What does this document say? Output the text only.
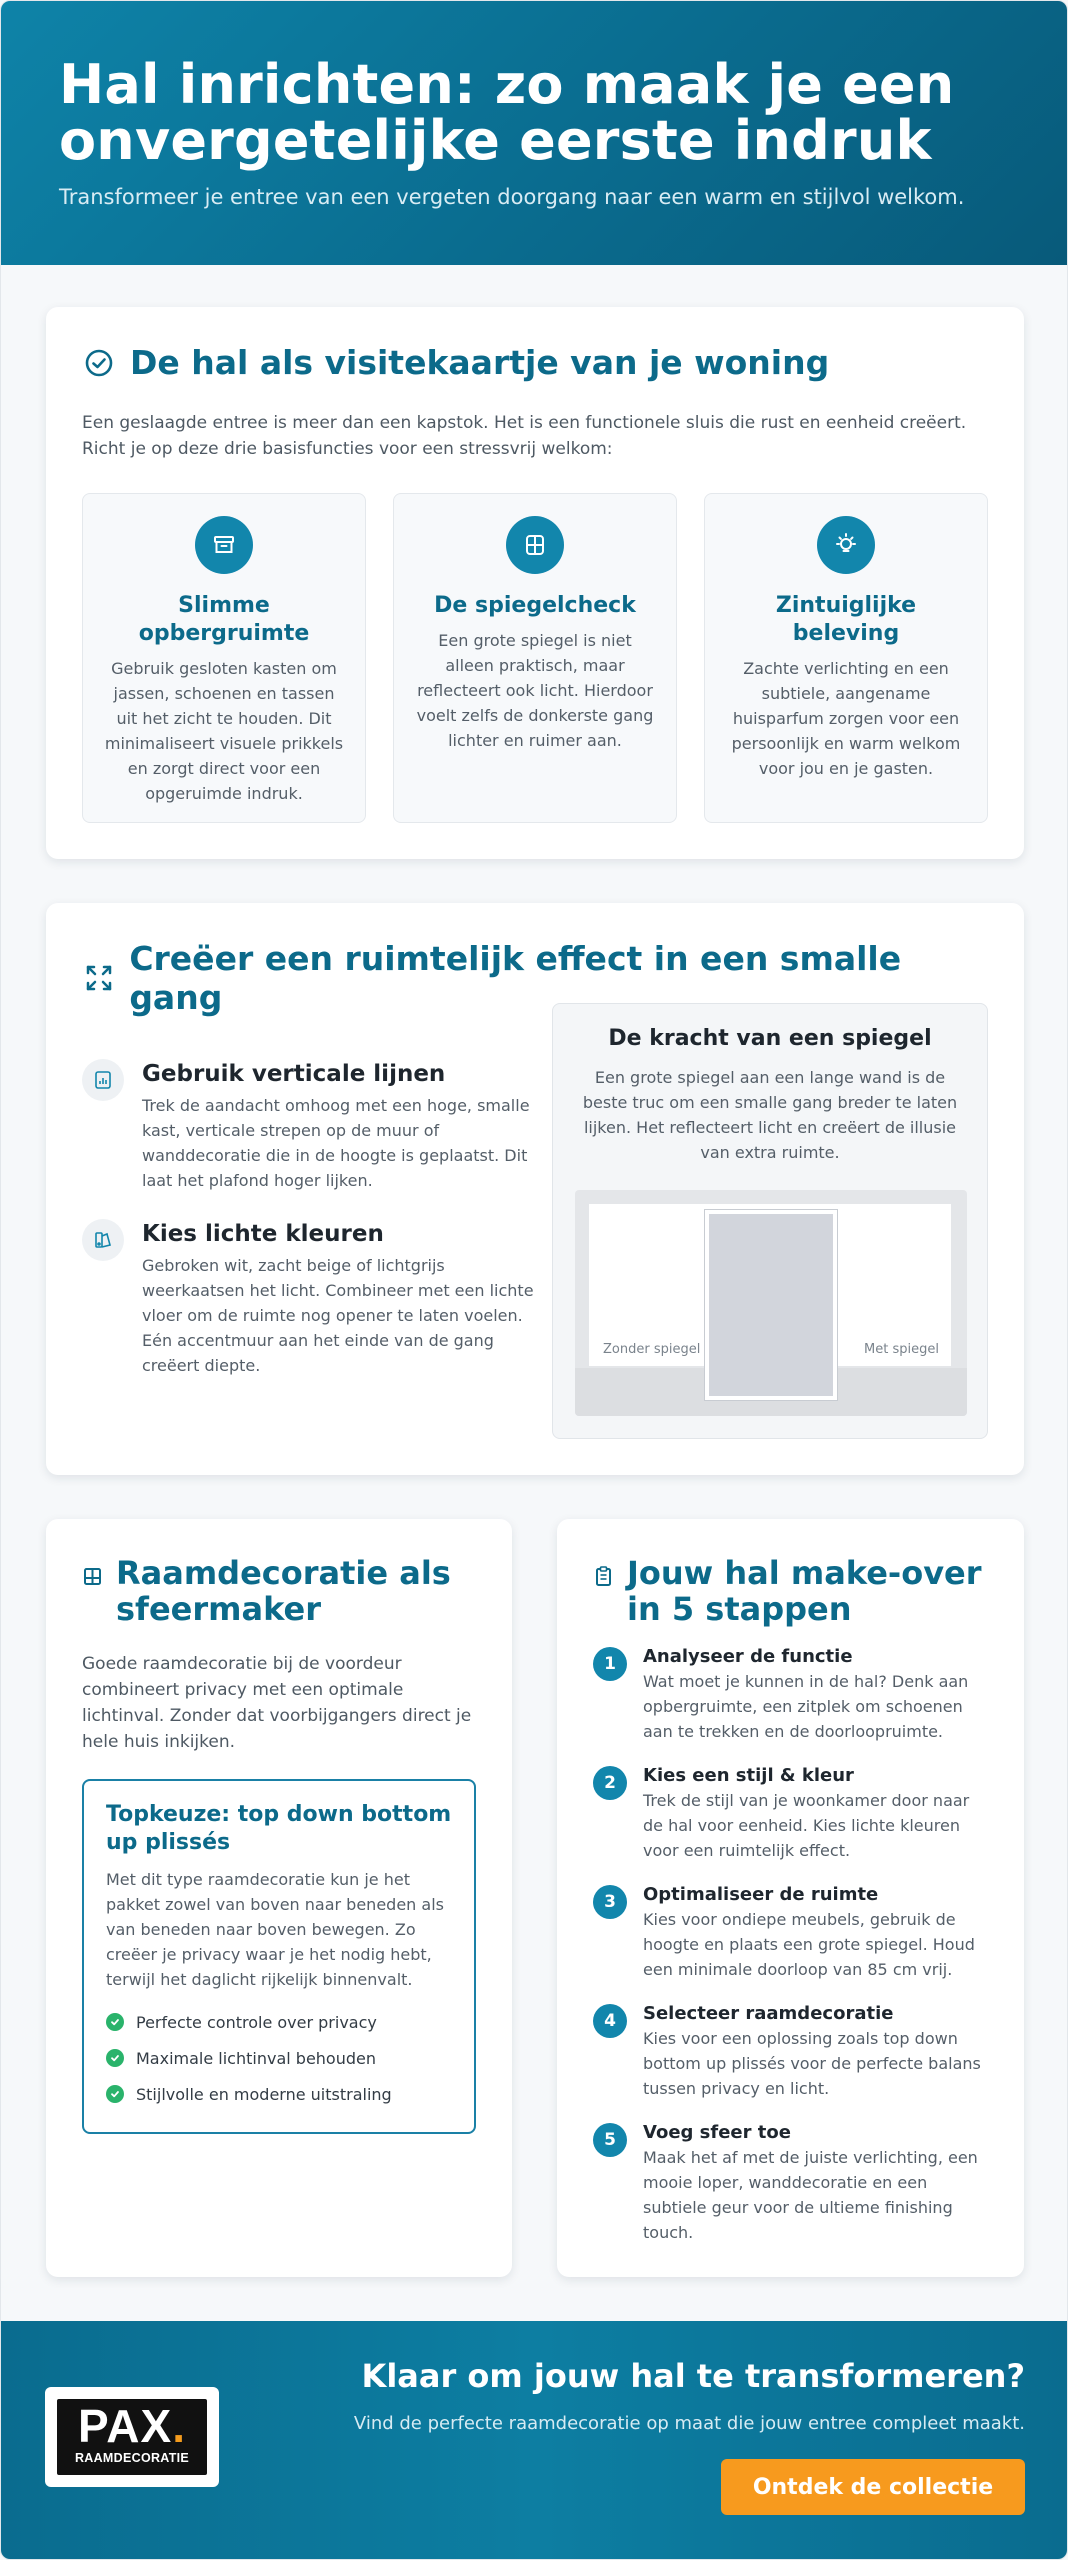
Hal inrichten: zo maak je een onvergetelijke eerste indruk

Transformeer je entree van een vergeten doorgang naar een warm en stijlvol welkom.

De hal als visitekaartje van je woning

Een geslaagde entree is meer dan een kapstok. Het is een functionele sluis die rust en eenheid creëert. Richt je op deze drie basisfuncties voor een stressvrij welkom:

Slimme opbergruimte

Gebruik gesloten kasten om jassen, schoenen en tassen uit het zicht te houden. Dit minimaliseert visuele prikkels en zorgt direct voor een opgeruimde indruk.

De spiegelcheck

Een grote spiegel is niet alleen praktisch, maar reflecteert ook licht. Hierdoor voelt zelfs de donkerste gang lichter en ruimer aan.

Zintuiglijke beleving

Zachte verlichting en een subtiele, aangename huisparfum zorgen voor een persoonlijk en warm welkom voor jou en je gasten.

Creëer een ruimtelijk effect in een smalle gang
Gebruik verticale lijnen

Trek de aandacht omhoog met een hoge, smalle kast, verticale strepen op de muur of wanddecoratie die in de hoogte is geplaatst. Dit laat het plafond hoger lijken.

Kies lichte kleuren

Gebroken wit, zacht beige of lichtgrijs weerkaatsen het licht. Combineer met een lichte vloer om de ruimte nog opener te laten voelen. Eén accentmuur aan het einde van de gang creëert diepte.

De kracht van een spiegel

Een grote spiegel aan een lange wand is de beste truc om een smalle gang breder te laten lijken. Het reflecteert licht en creëert de illusie van extra ruimte.

Zonder spiegel	Met spiegel
Raamdecoratie als sfeermaker

Goede raamdecoratie bij de voordeur combineert privacy met een optimale lichtinval. Zonder dat voorbijgangers direct je hele huis inkijken.

Topkeuze: top down bottom up plissés

Met dit type raamdecoratie kun je het pakket zowel van boven naar beneden als van beneden naar boven bewegen. Zo creëer je privacy waar je het nodig hebt, terwijl het daglicht rijkelijk binnenvalt.

Perfecte controle over privacy
Maximale lichtinval behouden
Stijlvolle en moderne uitstraling
Jouw hal make-over in 5 stappen
1	Analyseer de functie

Wat moet je kunnen in de hal? Denk aan opbergruimte, een zitplek om schoenen aan te trekken en de doorloopruimte.

2	Kies een stijl & kleur

Trek de stijl van je woonkamer door naar de hal voor eenheid. Kies lichte kleuren voor een ruimtelijk effect.

3	Optimaliseer de ruimte

Kies voor ondiepe meubels, gebruik de hoogte en plaats een grote spiegel. Houd een minimale doorloop van 85 cm vrij.

4	Selecteer raamdecoratie

Kies voor een oplossing zoals top down bottom up plissés voor de perfecte balans tussen privacy en licht.

5	Voeg sfeer toe

Maak het af met de juiste verlichting, een mooie loper, wanddecoratie en een subtiele geur voor de ultieme finishing touch.

PAX.
RAAMDECORATIE
Klaar om jouw hal te transformeren?

Vind de perfecte raamdecoratie op maat die jouw entree compleet maakt.

Ontdek de collectie
